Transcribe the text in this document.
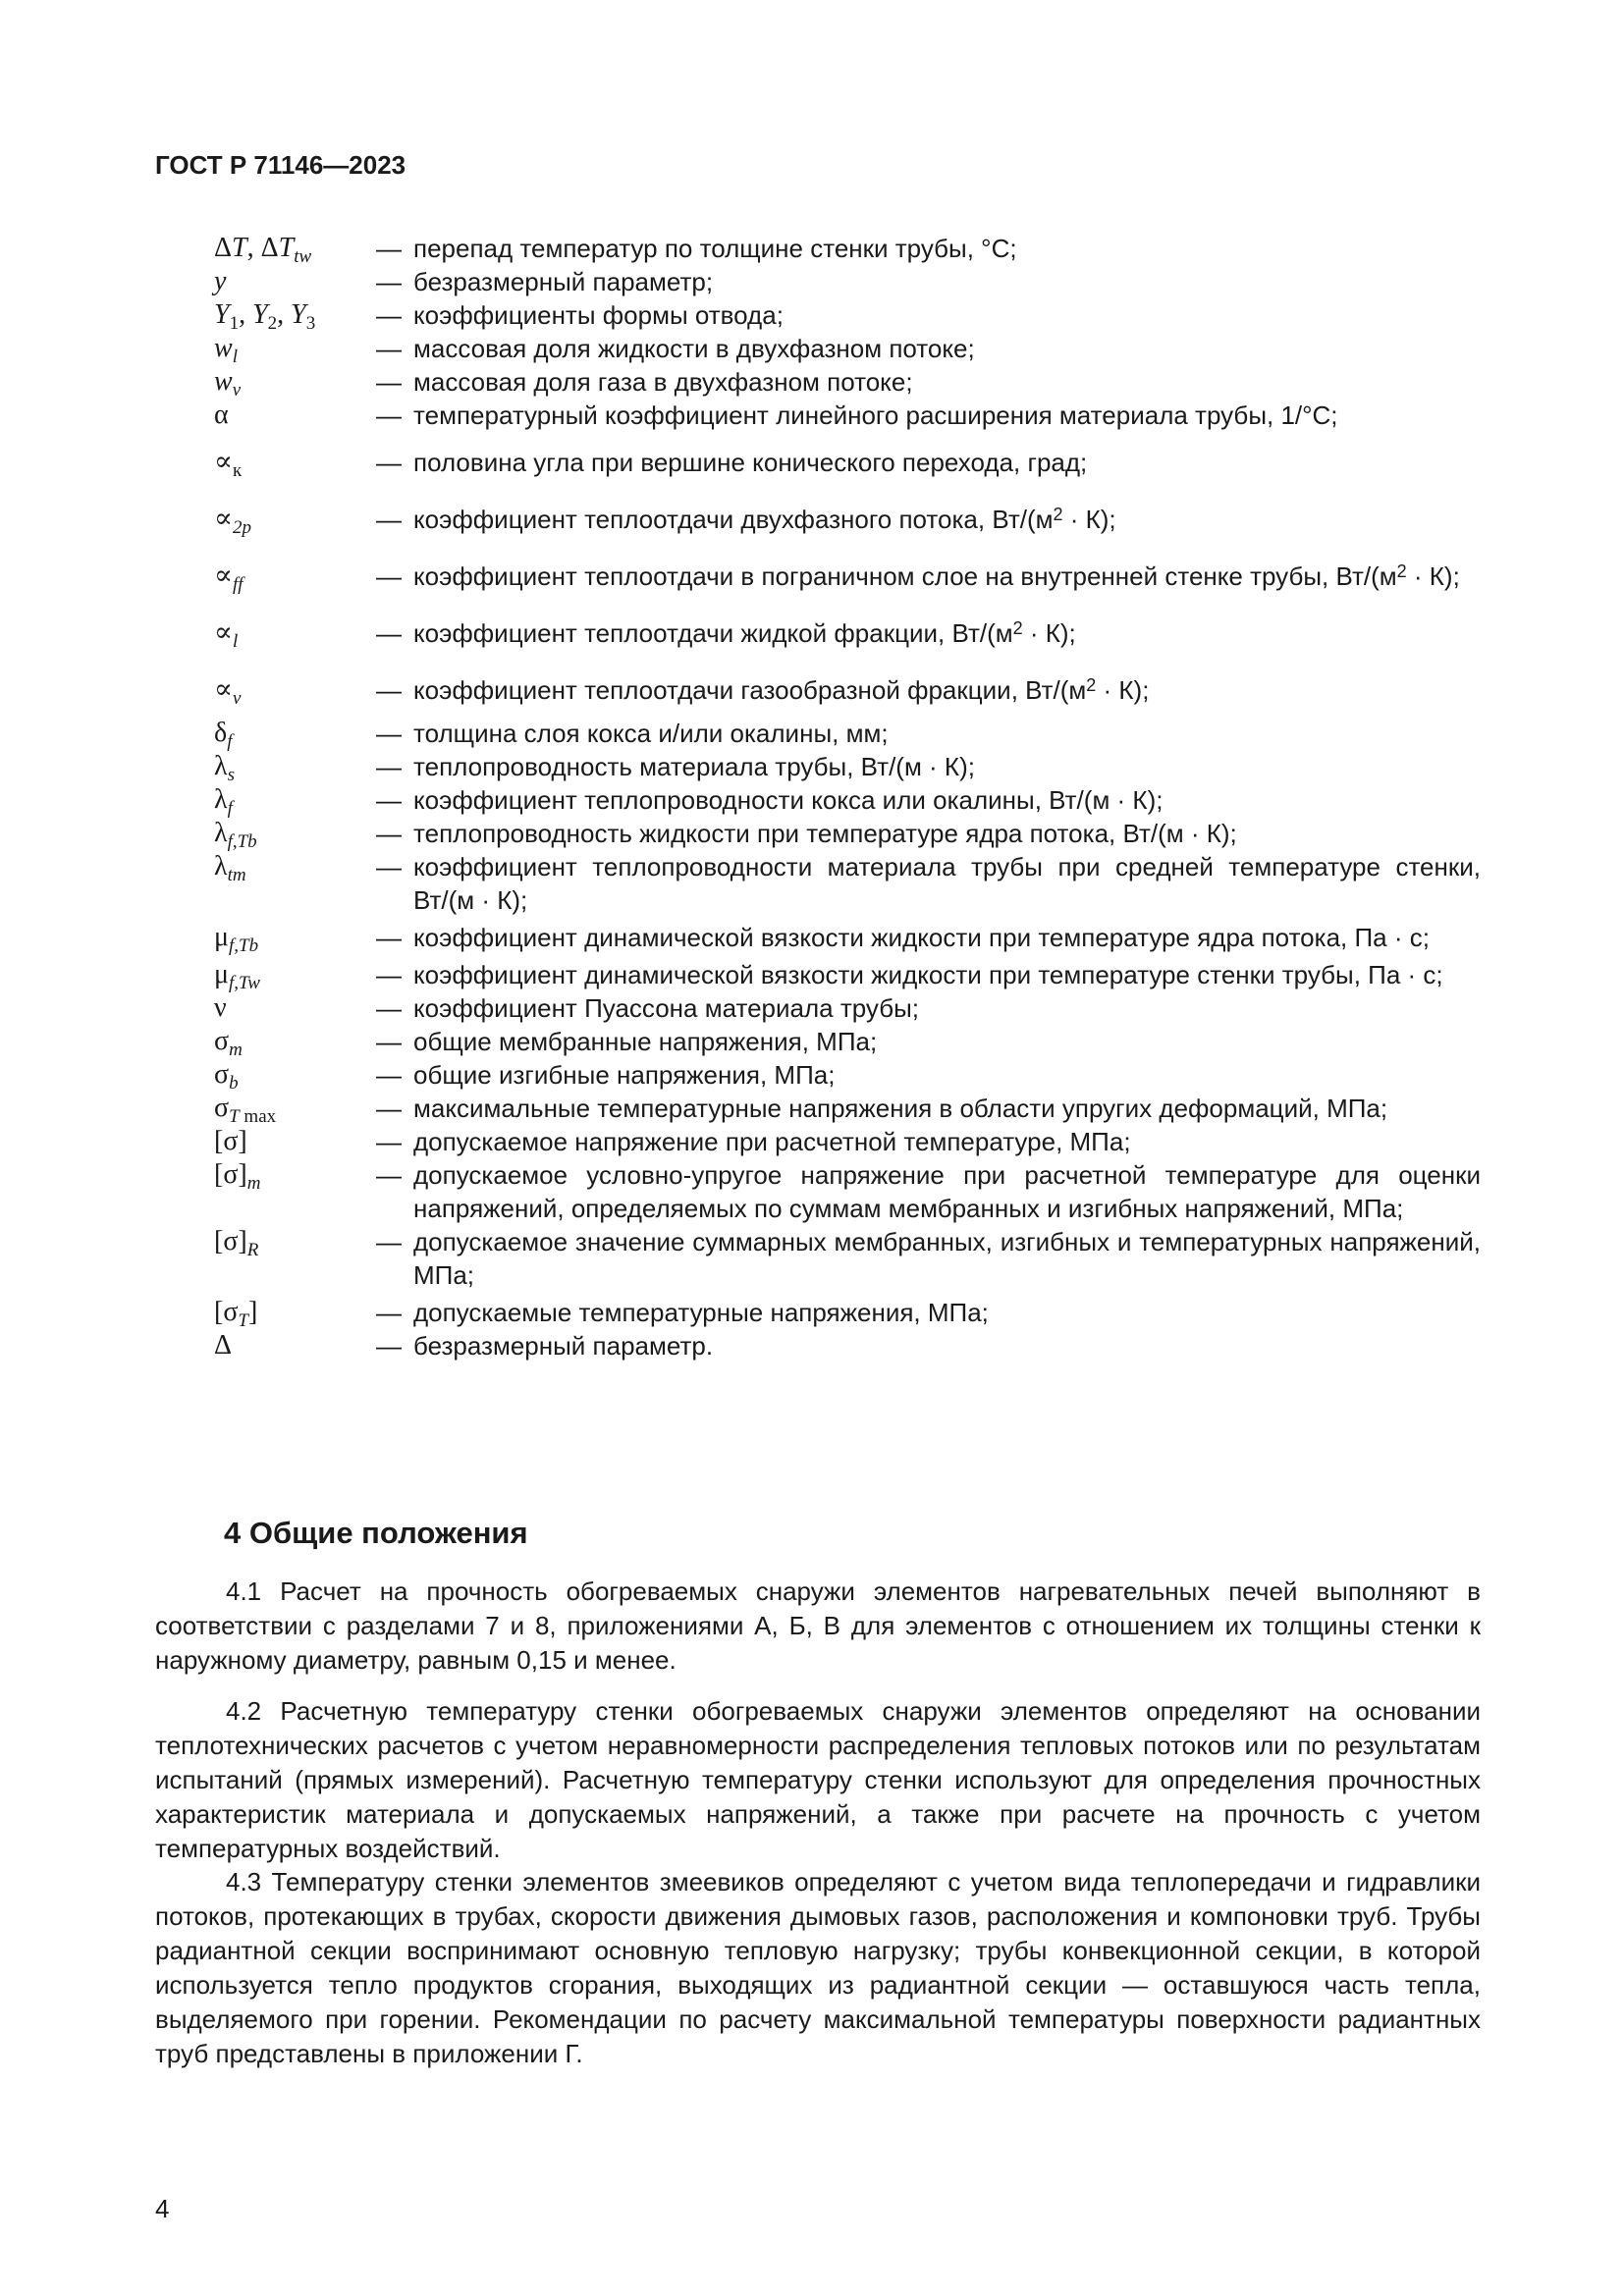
ГОСТ Р 71146—2023
ΔT, $\Delta T_{tw}$	— перепад температур по толщине стенки трубы, °С;
y	— безразмерный параметр;
$Y_1$, $Y_2$, $Y_3$	— коэффициенты формы отвода;
$w_l$	— массовая доля жидкости в двухфазном потоке;
$w_v$	— массовая доля газа в двухфазном потоке;
α	— температурный коэффициент линейного расширения материала трубы, 1/°С;
$\propto_к$	— половина угла при вершине конического перехода, град;
$\propto_{2p}$	— коэффициент теплоотдачи двухфазного потока, $Вт/(м^2 \cdot К)$;
$\propto_{ff}$	— коэффициент теплоотдачи в пограничном слое на внутренней стенке трубы, $Вт/(м^2 \cdot К)$;
$\propto_l$	— коэффициент теплоотдачи жидкой фракции, $Вт/(м^2 \cdot К)$;
$\propto_v$	— коэффициент теплоотдачи газообразной фракции, $Вт/(м^2 \cdot К)$;
$\delta_f$	— толщина слоя кокса и/или окалины, мм;
$\lambda_s$	— теплопроводность материала трубы, Вт/(м · К);
$\lambda_f$	— коэффициент теплопроводности кокса или окалины, Вт/(м · К);
$\lambda_{f,Tb}$	— теплопроводность жидкости при температуре ядра потока, Вт/(м · К);
$\lambda_{tm}$	— коэффициент теплопроводности материала трубы при средней температуре стенки, Вт/(м · К);
$\mu_{f,Tb}$	— коэффициент динамической вязкости жидкости при температуре ядра потока, Па · с;
$\mu_{f,Tw}$	— коэффициент динамической вязкости жидкости при температуре стенки трубы, Па · с;
ν	— коэффициент Пуассона материала трубы;
$\sigma_m$	— общие мембранные напряжения, МПа;
$\sigma_b$	— общие изгибные напряжения, МПа;
$\sigma_{T max}$	— максимальные температурные напряжения в области упругих деформаций, МПа;
[σ]	— допускаемое напряжение при расчетной температуре, МПа;
$[\sigma]_m$	— допускаемое условно-упругое напряжение при расчетной температуре для оценки напряжений, определяемых по суммам мембранных и изгибных напряжений, МПа;
$[\sigma]_R$	— допускаемое значение суммарных мембранных, изгибных и температурных напряжений, МПа;
$[\sigma_T]$	— допускаемые температурные напряжения, МПа;
Δ	— безразмерный параметр.
4 Общие положения

4.1 Расчет на прочность обогреваемых снаружи элементов нагревательных печей выполняют в соответствии с разделами 7 и 8, приложениями А, Б, В для элементов с отношением их толщины стенки к наружному диаметру, равным 0,15 и менее.

4.2 Расчетную температуру стенки обогреваемых снаружи элементов определяют на основании теплотехнических расчетов с учетом неравномерности распределения тепловых потоков или по результатам испытаний (прямых измерений). Расчетную температуру стенки используют для определения прочностных характеристик материала и допускаемых напряжений, а также при расчете на прочность с учетом температурных воздействий.

4.3 Температуру стенки элементов змеевиков определяют с учетом вида теплопередачи и гидравлики потоков, протекающих в трубах, скорости движения дымовых газов, расположения и компоновки труб. Трубы радиантной секции воспринимают основную тепловую нагрузку; трубы конвекционной секции, в которой используется тепло продуктов сгорания, выходящих из радиантной секции — оставшуюся часть тепла, выделяемого при горении. Рекомендации по расчету максимальной температуры поверхности радиантных труб представлены в приложении Г.

4
